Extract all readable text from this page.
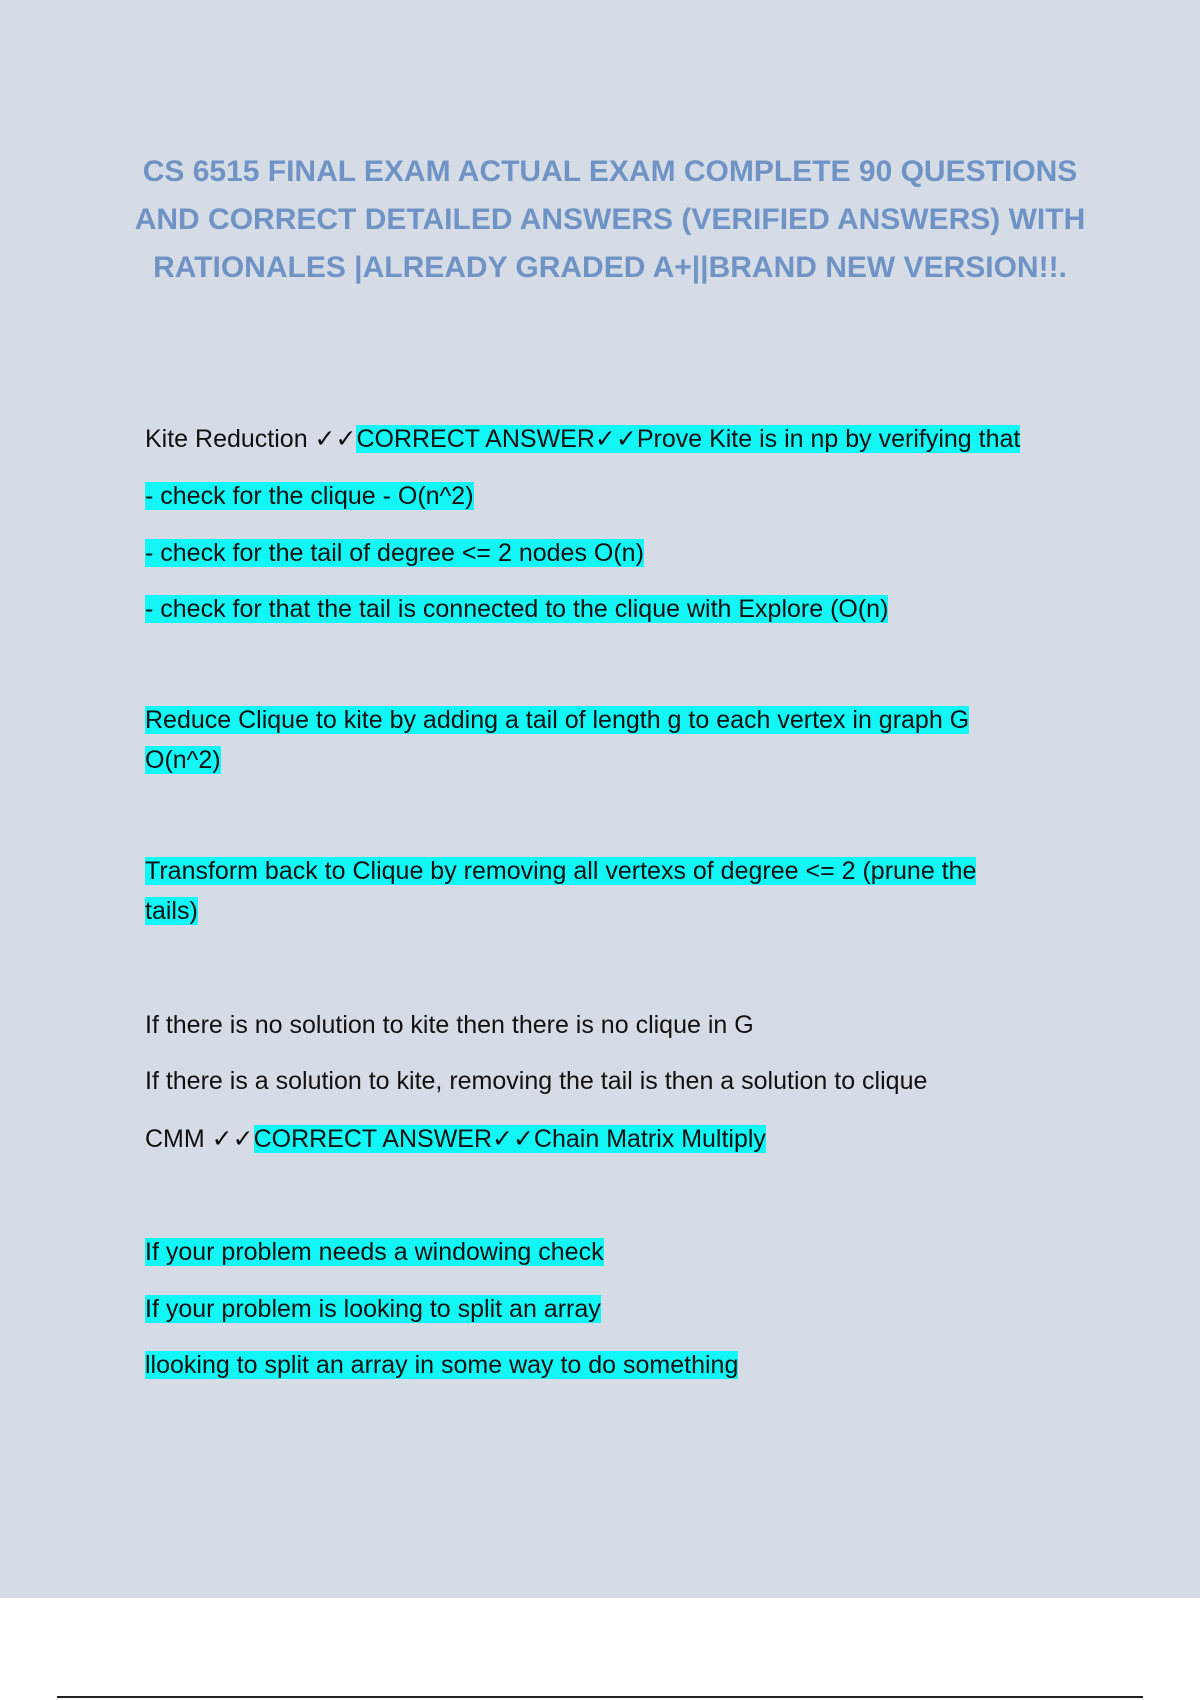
CS 6515 FINAL EXAM ACTUAL EXAM COMPLETE 90 QUESTIONS AND CORRECT DETAILED ANSWERS (VERIFIED ANSWERS) WITH RATIONALES |ALREADY GRADED A+||BRAND NEW VERSION!!.
Kite Reduction ✓✓CORRECT ANSWER✓✓Prove Kite is in np by verifying that
- check for the clique - O(n^2)
- check for the tail of degree <= 2 nodes O(n)
- check for that the tail is connected to the clique with Explore (O(n)
Reduce Clique to kite by adding a tail of length g to each vertex in graph G
O(n^2)
Transform back to Clique by removing all vertexs of degree <= 2 (prune the
tails)
If there is no solution to kite then there is no clique in G
If there is a solution to kite, removing the tail is then a solution to clique
CMM ✓✓CORRECT ANSWER✓✓Chain Matrix Multiply
If your problem needs a windowing check
If your problem is looking to split an array
llooking to split an array in some way to do something
